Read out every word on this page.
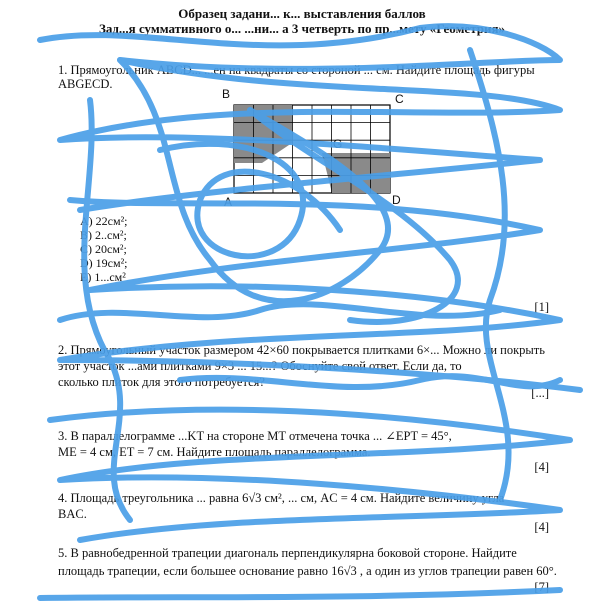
Образец задани... к... выставления баллов
Зад...я суммативного о... ...ни... а 3 четверть по пр...мету «Геометрия»
1. Прямоугольник ABCD... ...ен на квадраты со стороной ... см. Найдите площадь фигуры
ABGECD.
B	C
A	D
G
A) 22см²;
B) 2..см²;
C) 20см²;
D) 19см²;
E) 1...см²
[1]
2. Прямоугольный участок размером 42×60 покрывается плитками 6×... Можно ли покрыть
этот участок ...ами плитками 9×3 ... 15...? Обоснуйте свой ответ. Если да, то
сколько плиток для этого потребуется?
[...]
3. В параллелограмме ...KT на стороне MT отмечена точка ... ∠EPT = 45°,
ME = 4 см, ET = 7 см. Найдите площадь параллелограмма.
[4]
4. Площадь треугольника ... равна 6√3 см², ... см, AC = 4 см. Найдите величину угла
BAC.
[4]
5. В равнобедренной трапеции диагональ перпендикулярна боковой стороне. Найдите
площадь трапеции, если большее основание равно 16√3 , а один из углов трапеции равен 60°.
[7]
